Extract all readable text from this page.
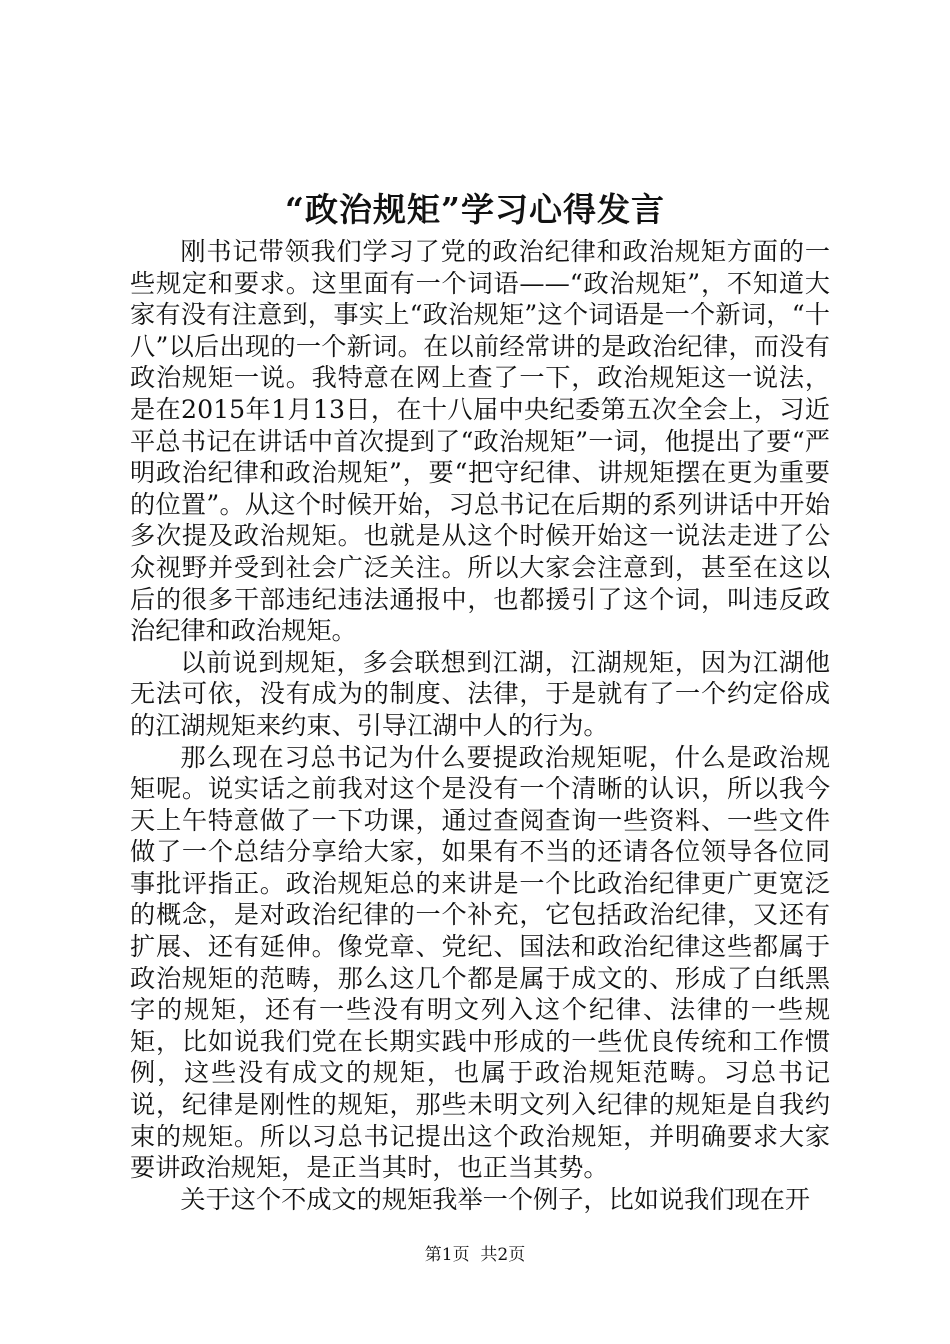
“政治规矩”学习心得发言

刚书记带领我们学习了党的政治纪律和政治规矩方面的一些规定和要求。这里面有一个词语——“政治规矩”，不知道大家有没有注意到，事实上“政治规矩”这个词语是一个新词，“十八”以后出现的一个新词。在以前经常讲的是政治纪律，而没有政治规矩一说。我特意在网上查了一下，政治规矩这一说法，是在2015年1月13日，在十八届中央纪委第五次全会上，习近平总书记在讲话中首次提到了“政治规矩”一词，他提出了要“严明政治纪律和政治规矩”，要“把守纪律、讲规矩摆在更为重要的位置”。从这个时候开始，习总书记在后期的系列讲话中开始多次提及政治规矩。也就是从这个时候开始这一说法走进了公众视野并受到社会广泛关注。所以大家会注意到，甚至在这以后的很多干部违纪违法通报中，也都援引了这个词，叫违反政治纪律和政治规矩。

以前说到规矩，多会联想到江湖，江湖规矩，因为江湖他无法可依，没有成为的制度、法律，于是就有了一个约定俗成的江湖规矩来约束、引导江湖中人的行为。

那么现在习总书记为什么要提政治规矩呢，什么是政治规矩呢。说实话之前我对这个是没有一个清晰的认识，所以我今天上午特意做了一下功课，通过查阅查询一些资料、一些文件做了一个总结分享给大家，如果有不当的还请各位领导各位同事批评指正。政治规矩总的来讲是一个比政治纪律更广更宽泛的概念，是对政治纪律的一个补充，它包括政治纪律，又还有扩展、还有延伸。像党章、党纪、国法和政治纪律这些都属于政治规矩的范畴，那么这几个都是属于成文的、形成了白纸黑字的规矩，还有一些没有明文列入这个纪律、法律的一些规矩，比如说我们党在长期实践中形成的一些优良传统和工作惯例，这些没有成文的规矩，也属于政治规矩范畴。习总书记说，纪律是刚性的规矩，那些未明文列入纪律的规矩是自我约束的规矩。所以习总书记提出这个政治规矩，并明确要求大家要讲政治规矩，是正当其时，也正当其势。

关于这个不成文的规矩我举一个例子，比如说我们现在开

第1页 共2页
